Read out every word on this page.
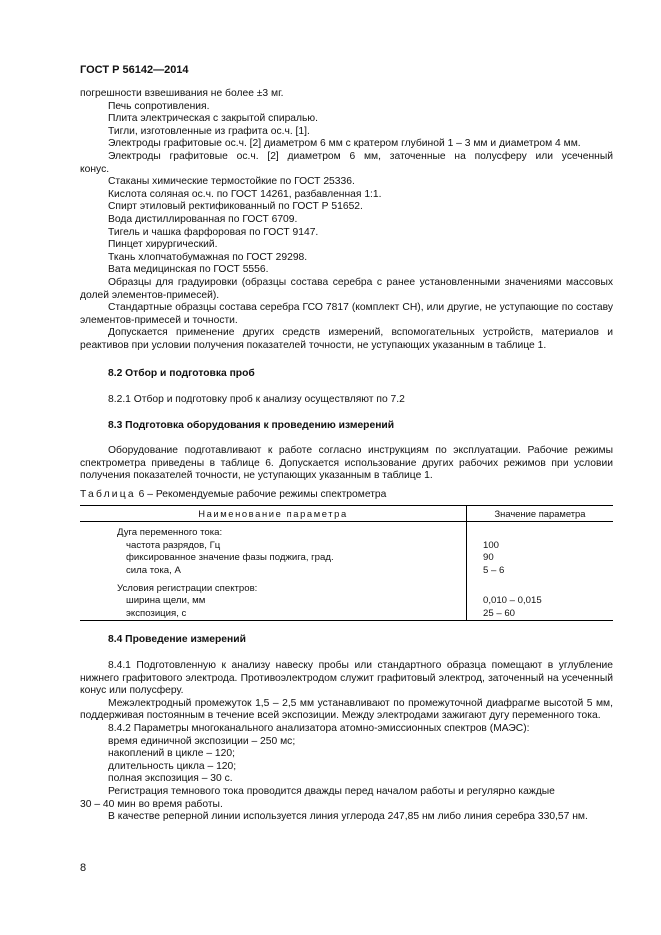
ГОСТ Р 56142—2014

погрешности взвешивания не более ±3 мг.

Печь сопротивления.

Плита электрическая с закрытой спиралью.

Тигли, изготовленные из графита ос.ч. [1].

Электроды графитовые ос.ч. [2] диаметром 6 мм с кратером глубиной 1 – 3 мм и диаметром 4 мм.

Электроды графитовые ос.ч. [2] диаметром 6 мм, заточенные на полусферу или усеченный

конус.

Стаканы химические термостойкие по ГОСТ 25336.

Кислота соляная ос.ч. по ГОСТ 14261, разбавленная 1:1.

Спирт этиловый ректификованный по ГОСТ Р 51652.

Вода дистиллированная по ГОСТ 6709.

Тигель и чашка фарфоровая по ГОСТ 9147.

Пинцет хирургический.

Ткань хлопчатобумажная по ГОСТ 29298.

Вата медицинская по ГОСТ 5556.

Образцы для градуировки (образцы состава серебра с ранее установленными значениями массовых долей элементов-примесей).

Стандартные образцы состава серебра ГСО 7817 (комплект СН), или другие, не уступающие по составу элементов-примесей и точности.

Допускается применение других средств измерений, вспомогательных устройств, материалов и реактивов при условии получения показателей точности, не уступающих указанным в таблице 1.

8.2 Отбор и подготовка проб

8.2.1 Отбор и подготовку проб к анализу осуществляют по 7.2

8.3 Подготовка оборудования к проведению измерений

Оборудование подготавливают к работе согласно инструкциям по эксплуатации. Рабочие режимы спектрометра приведены в таблице 6. Допускается использование других рабочих режимов при условии получения показателей точности, не уступающих указанным в таблице 1.

Таблица 6 – Рекомендуемые рабочие режимы спектрометра

Наименование параметра	Значение параметра

Дуга переменного тока:	
частота разрядов, Гц	100
фиксированное значение фазы поджига, град.	90
сила тока, А	5 – 6

Условия регистрации спектров:	
ширина щели, мм	0,010 – 0,015
экспозиция, с	25 – 60

8.4 Проведение измерений

8.4.1 Подготовленную к анализу навеску пробы или стандартного образца помещают в углубление нижнего графитового электрода. Противоэлектродом служит графитовый электрод, заточенный на усеченный конус или полусферу.

Межэлектродный промежуток 1,5 – 2,5 мм устанавливают по промежуточной диафрагме высотой 5 мм, поддерживая постоянным в течение всей экспозиции. Между электродами зажигают дугу переменного тока.

8.4.2 Параметры многоканального анализатора атомно-эмиссионных спектров (МАЭС):

время единичной экспозиции – 250 мс;

накоплений в цикле – 120;

длительность цикла – 120;

полная экспозиция – 30 с.

Регистрация темнового тока проводится дважды перед началом работы и регулярно каждые

30 – 40 мин во время работы.

В качестве реперной линии используется линия углерода 247,85 нм либо линия серебра 330,57 нм.

8
